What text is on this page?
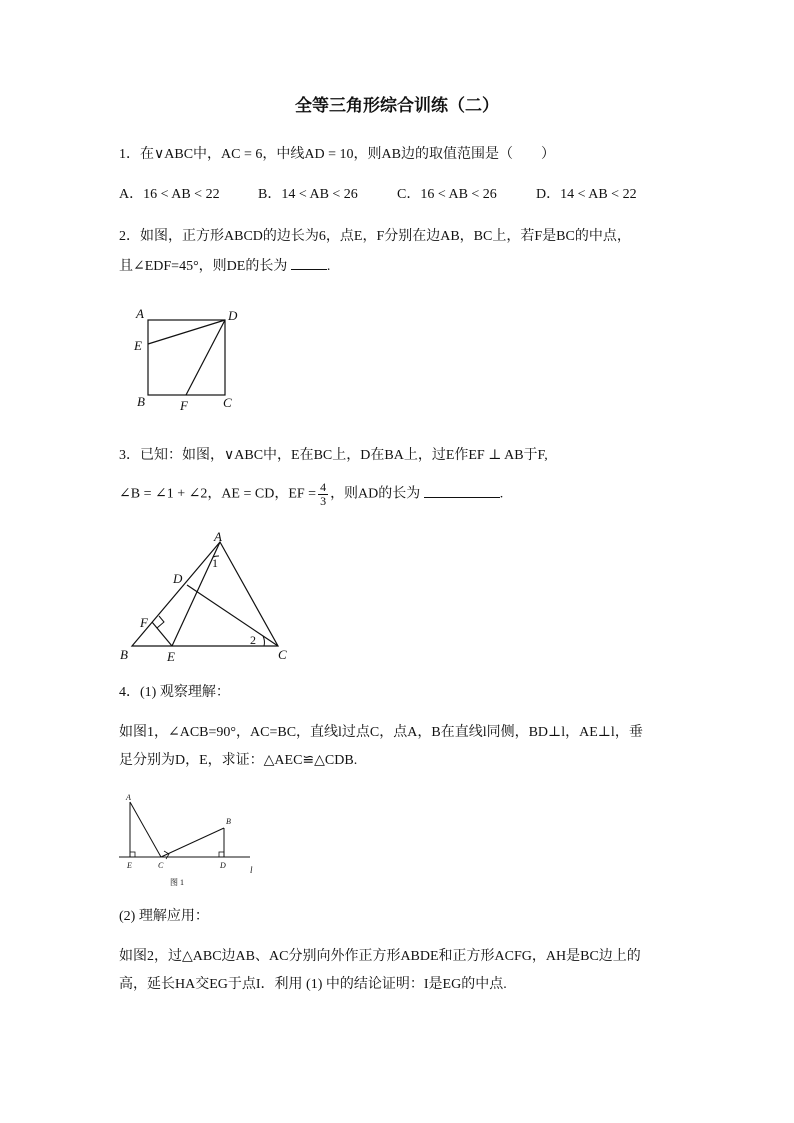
全等三角形综合训练（二）
1．在∨ABC中，AC = 6，中线AD = 10，则AB边的取值范围是（　　）
A．16 < AB < 22	B．14 < AB < 26	C．16 < AB < 26	D．14 < AB < 22
2．如图，正方形ABCD的边长为6，点E，F分别在边AB，BC上，若F是BC的中点，
且∠EDF=45°，则DE的长为	.
A	D
E
B	F	C
3．已知：如图，∨ABC中，E在BC上，D在BA上，过E作EF ⊥ AB于F,
∠B = ∠1 + ∠2，AE = CD，EF = $\frac{4}{3}$ ，则AD的长为	.
A
D
F
B	E	C
1
2
4．(1) 观察理解：
如图1，∠ACB=90°，AC=BC，直线l过点C，点A，B在直线l同侧，BD⊥l，AE⊥l，垂
足分别为D，E，求证：△AEC≌△CDB.
A
B
E	C	D	l
图 1
(2) 理解应用：
如图2，过△ABC边AB、AC分别向外作正方形ABDE和正方形ACFG，AH是BC边上的
高，延长HA交EG于点I．利用 (1) 中的结论证明：I是EG的中点.
